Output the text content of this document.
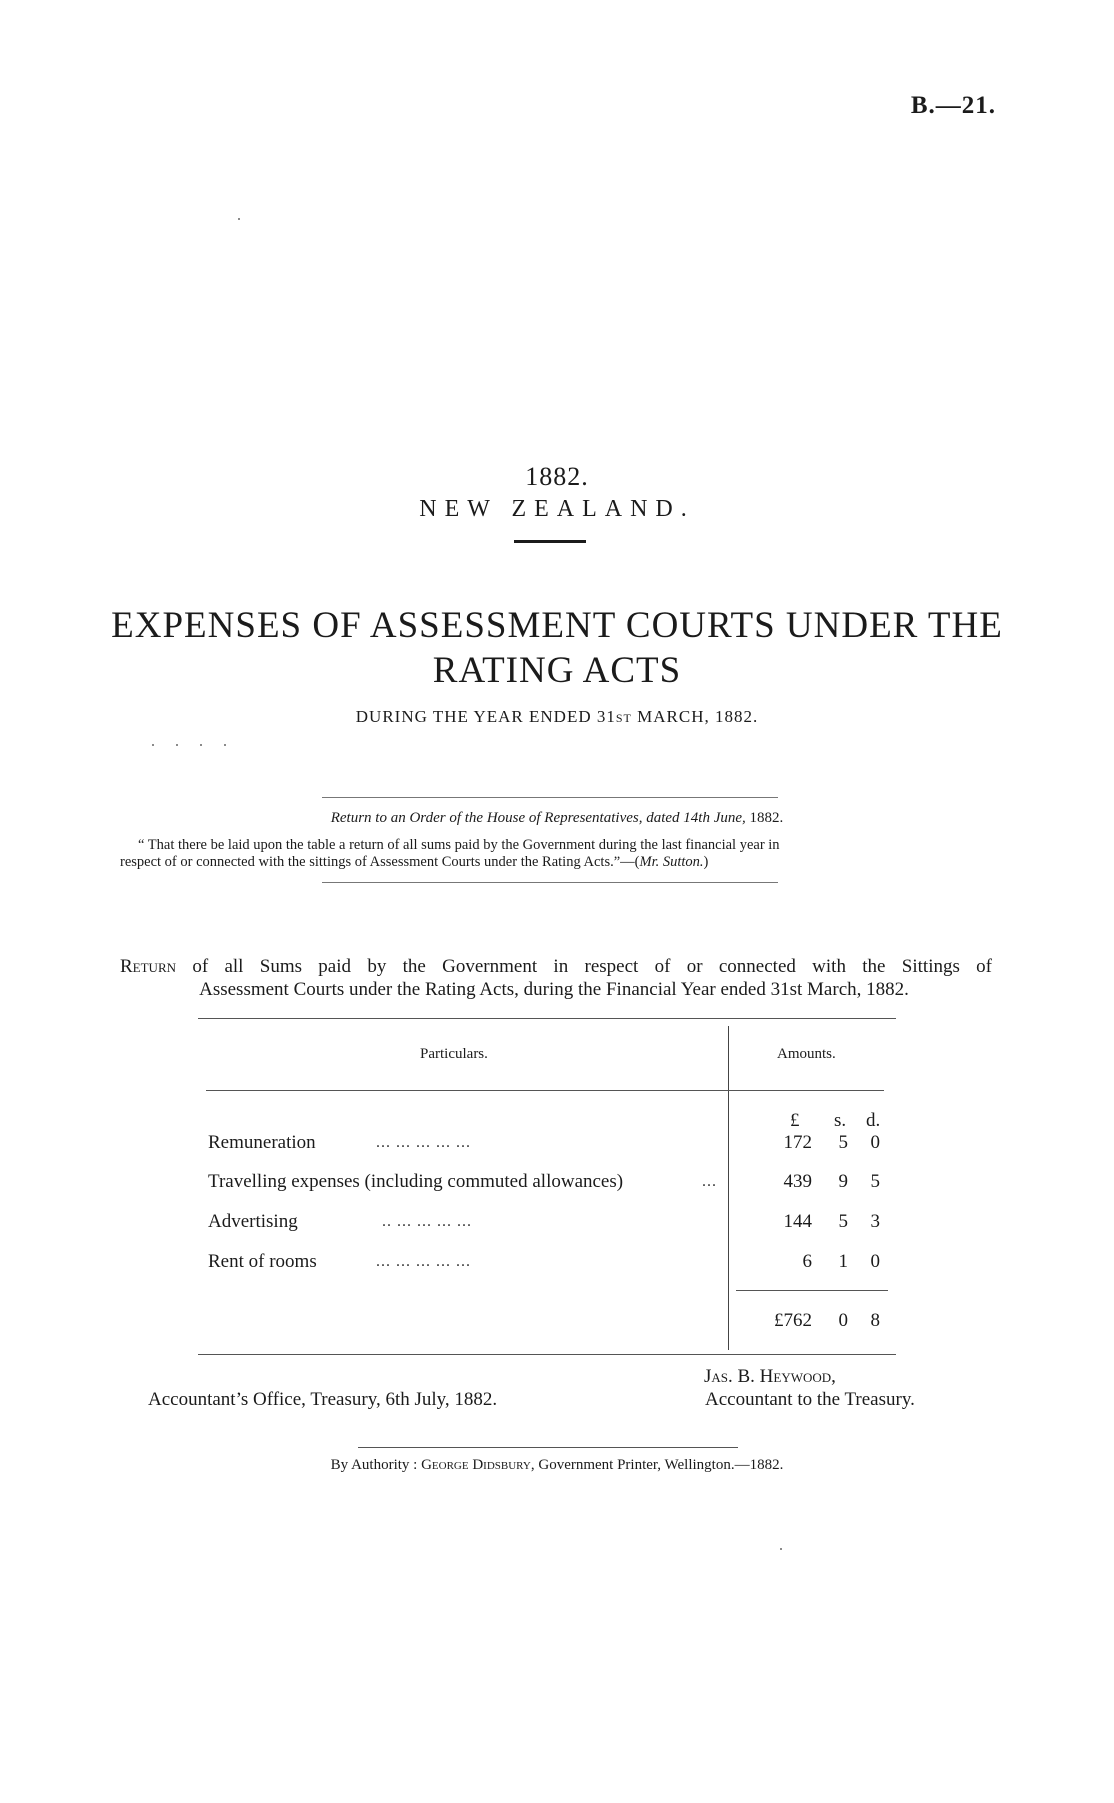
B.—21.
1882.
NEW ZEALAND.
EXPENSES OF ASSESSMENT COURTS UNDER THE
RATING ACTS
DURING THE YEAR ENDED 31ST MARCH, 1882.
Return to an Order of the House of Representatives, dated 14th June, 1882.
“ That there be laid upon the table a return of all sums paid by the Government during the last financial year in
respect of or connected with the sittings of Assessment Courts under the Rating Acts.”—(Mr. Sutton.)
Return of all Sums paid by the Government in respect of or connected with the Sittings of
Assessment Courts under the Rating Acts, during the Financial Year ended 31st March, 1882.
Particulars.	Amounts.
£ s. d.
Remuneration	... ... ... ... ...	172	5	0
Travelling expenses (including commuted allowances)	...	439	9	5
Advertising	.. ... ... ... ...	144	5	3
Rent of rooms	... ... ... ... ...	6	1	0
£762	0	8
Jas. B. Heywood,
Accountant’s Office, Treasury, 6th July, 1882.	Accountant to the Treasury.
By Authority : George Didsbury, Government Printer, Wellington.—1882.
